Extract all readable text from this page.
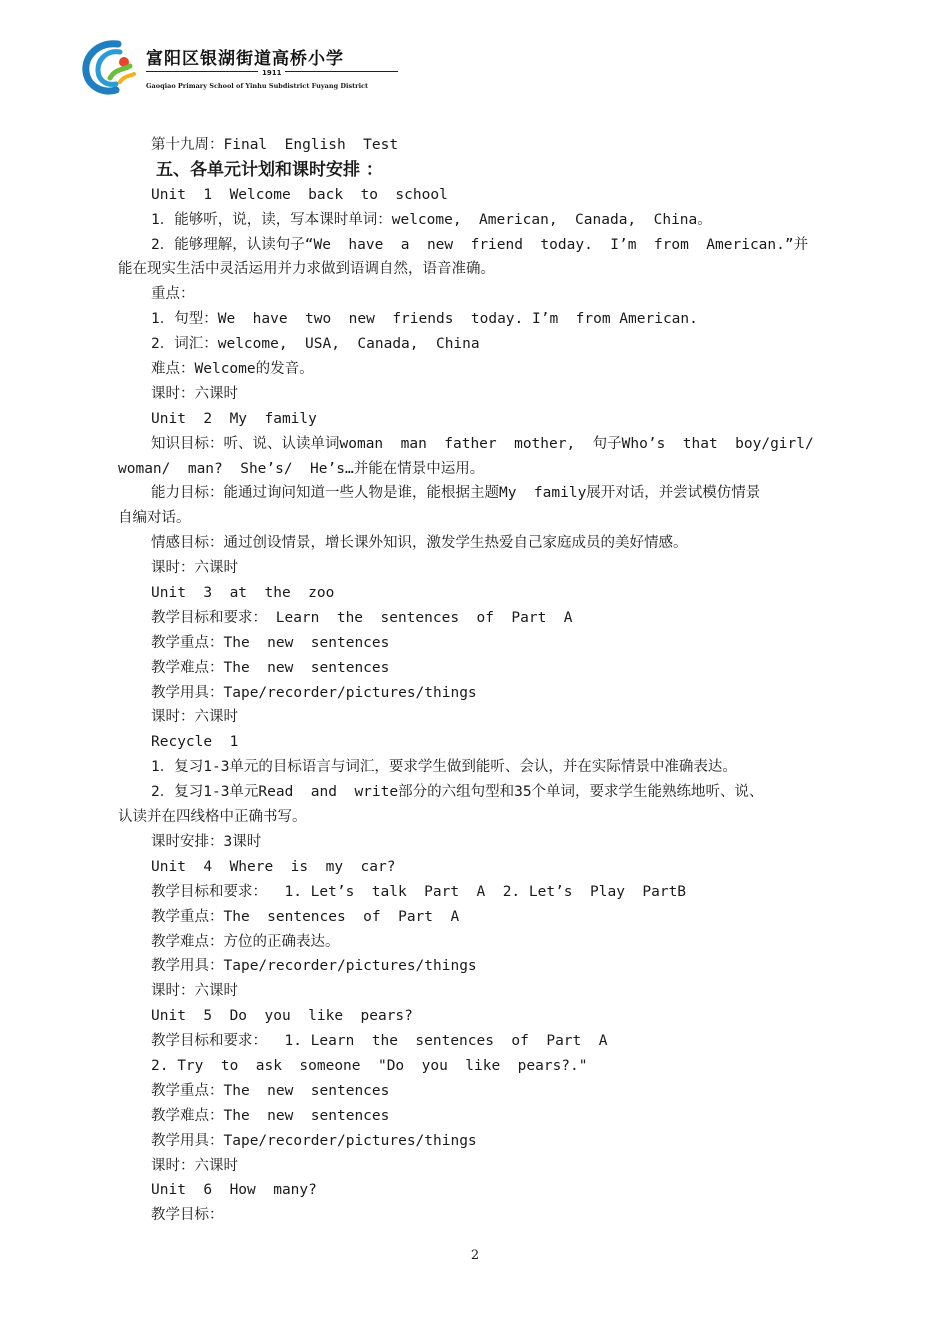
富阳区银湖街道高桥小学
1911
Gaoqiao Primary School of Yinhu Subdistrict Fuyang District
第十九周：Final  English  Test
五、各单元计划和课时安排 ：
Unit  1  Welcome  back  to  school
1．能够听，说，读，写本课时单词：welcome,  American,  Canada,  China。
2．能够理解，认读句子“We  have  a  new  friend  today.  I’m  from  American.”并
能在现实生活中灵活运用并力求做到语调自然，语音准确。
重点：
1．句型：We  have  two  new  friends  today. I’m  from American.
2．词汇：welcome,  USA,  Canada,  China
难点：Welcome的发音。
课时：六课时
Unit  2  My  family
知识目标：听、说、认读单词woman  man  father  mother,  句子Who’s  that  boy/girl/
woman/  man?  She’s/  He’s…并能在情景中运用。
能力目标：能通过询问知道一些人物是谁，能根据主题My  family展开对话，并尝试模仿情景
自编对话。
情感目标：通过创设情景，增长课外知识，激发学生热爱自己家庭成员的美好情感。
课时：六课时
Unit  3  at  the  zoo
教学目标和要求： Learn  the  sentences  of  Part  A
教学重点：The  new  sentences
教学难点：The  new  sentences
教学用具：Tape/recorder/pictures/things
课时：六课时
Recycle  1
1．复习1-3单元的目标语言与词汇，要求学生做到能听、会认，并在实际情景中准确表达。
2．复习1-3单元Read  and  write部分的六组句型和35个单词，要求学生能熟练地听、说、
认读并在四线格中正确书写。
课时安排：3课时
Unit  4  Where  is  my  car?
教学目标和要求：  1. Let’s  talk  Part  A  2. Let’s  Play  PartB
教学重点：The  sentences  of  Part  A
教学难点：方位的正确表达。
教学用具：Tape/recorder/pictures/things
课时：六课时
Unit  5  Do  you  like  pears?
教学目标和要求：  1. Learn  the  sentences  of  Part  A
2. Try  to  ask  someone  "Do  you  like  pears?."
教学重点：The  new  sentences
教学难点：The  new  sentences
教学用具：Tape/recorder/pictures/things
课时：六课时
Unit  6  How  many?
教学目标：
2
